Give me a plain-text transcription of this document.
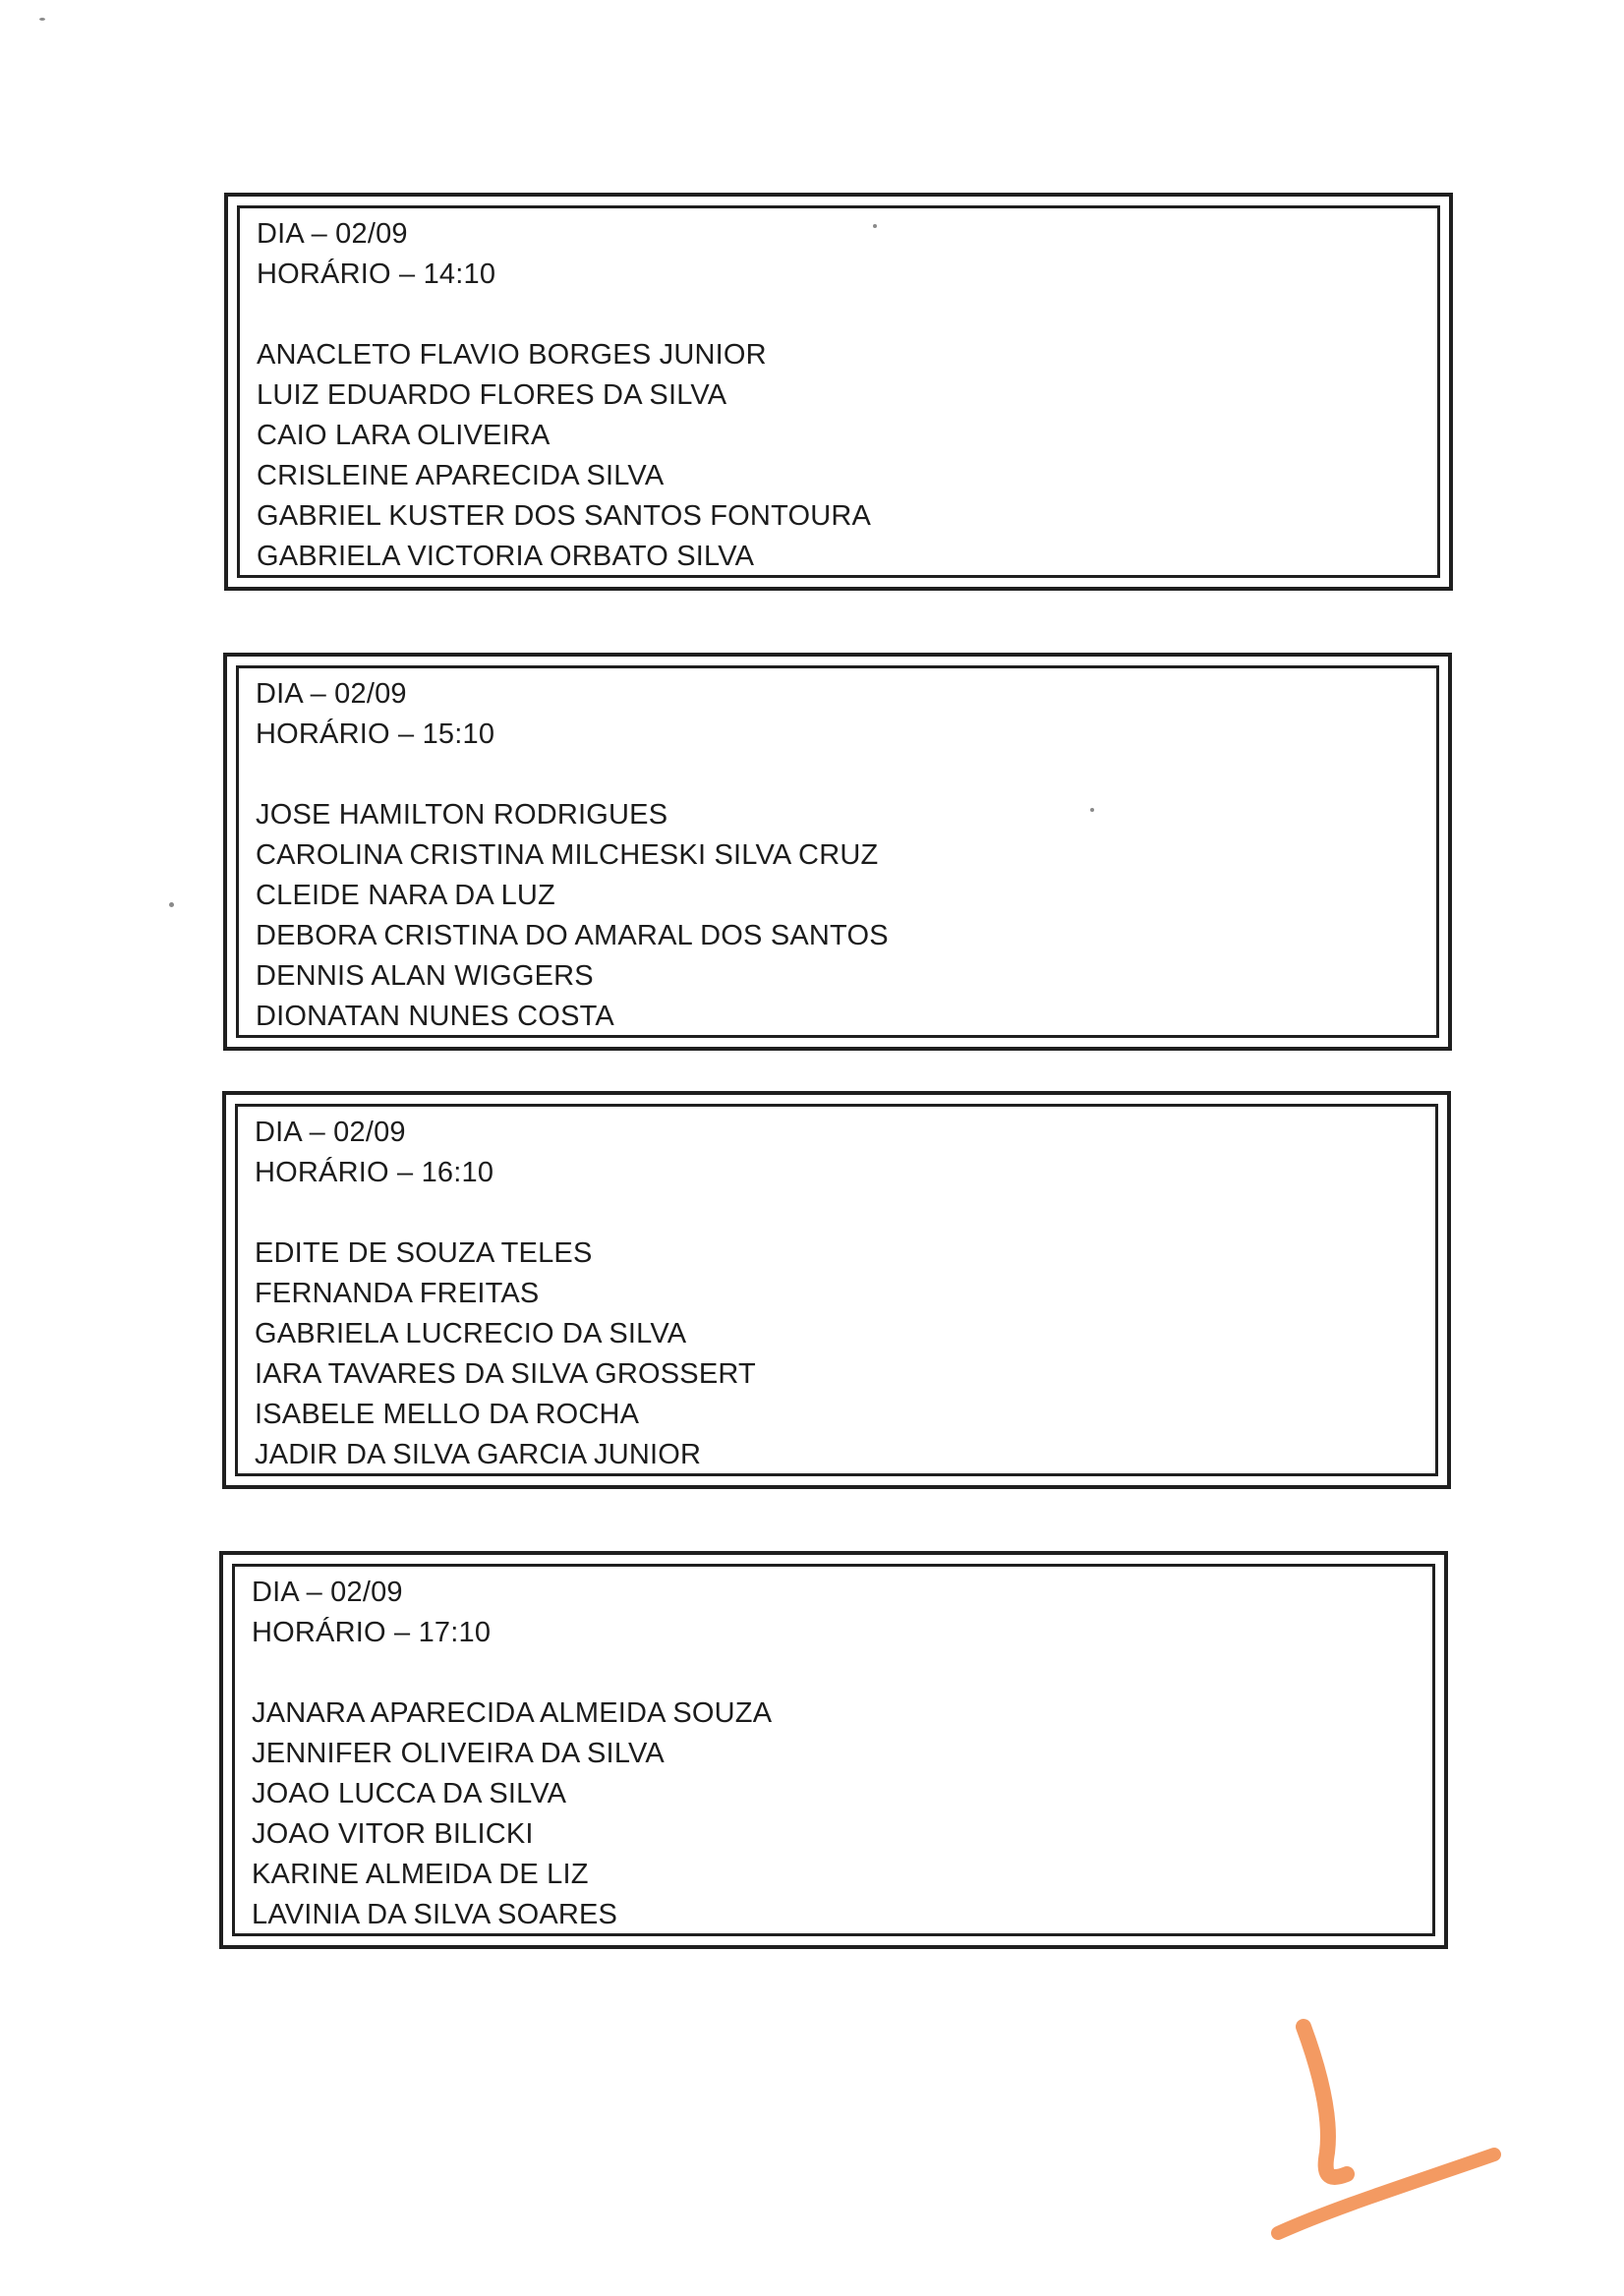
DIA – 02/09
HORÁRIO – 14:10
ANACLETO FLAVIO BORGES JUNIOR
LUIZ EDUARDO FLORES DA SILVA
CAIO LARA OLIVEIRA
CRISLEINE APARECIDA SILVA
GABRIEL KUSTER DOS SANTOS FONTOURA
GABRIELA VICTORIA ORBATO SILVA
DIA – 02/09
HORÁRIO – 15:10
JOSE HAMILTON RODRIGUES
CAROLINA CRISTINA MILCHESKI SILVA CRUZ
CLEIDE NARA DA LUZ
DEBORA CRISTINA DO AMARAL DOS SANTOS
DENNIS ALAN WIGGERS
DIONATAN NUNES COSTA
DIA – 02/09
HORÁRIO – 16:10
EDITE DE SOUZA TELES
FERNANDA FREITAS
GABRIELA LUCRECIO DA SILVA
IARA TAVARES DA SILVA GROSSERT
ISABELE MELLO DA ROCHA
JADIR DA SILVA GARCIA JUNIOR
DIA – 02/09
HORÁRIO – 17:10
JANARA APARECIDA ALMEIDA SOUZA
JENNIFER OLIVEIRA DA SILVA
JOAO LUCCA DA SILVA
JOAO VITOR BILICKI
KARINE ALMEIDA DE LIZ
LAVINIA DA SILVA SOARES
